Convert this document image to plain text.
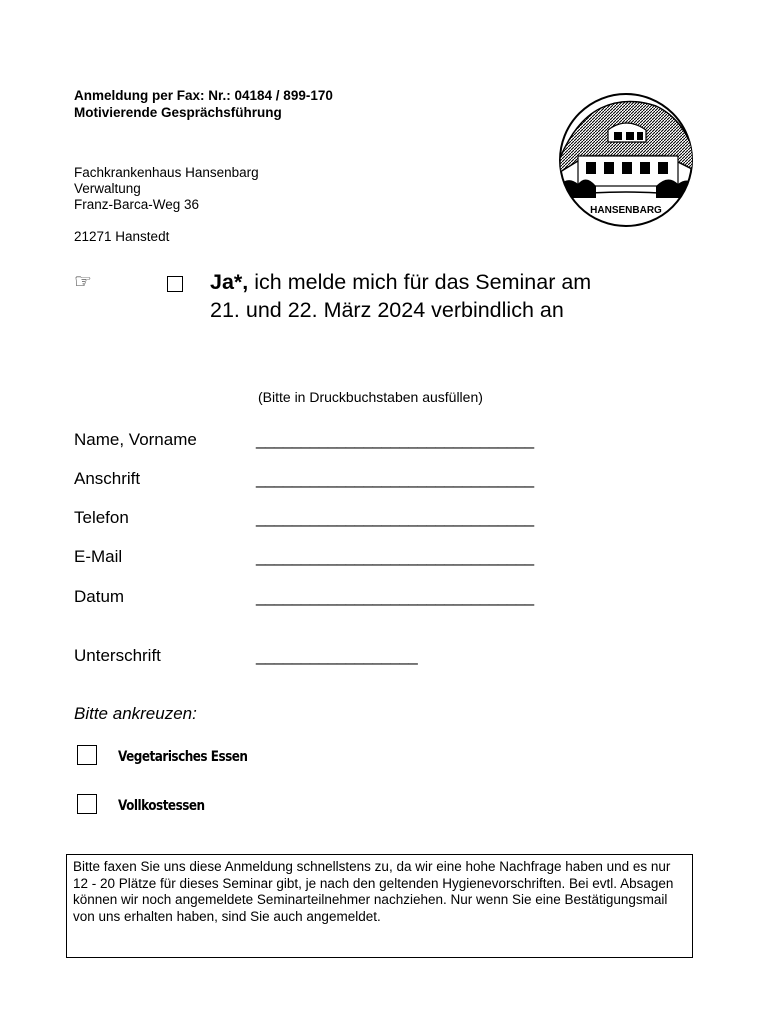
Anmeldung per Fax: Nr.: 04184 / 899-170
Motivierende Gesprächsführung
Fachkrankenhaus Hansenbarg
Verwaltung
Franz-Barca-Weg 36
21271 Hanstedt
HANSENBARG
☞	Ja*, ich melde mich für das Seminar am
21. und 22. März 2024 verbindlich an
(Bitte in Druckbuchstaben ausfüllen)
Name, Vorname	_______________________________
Anschrift	_______________________________
Telefon	_______________________________
E-Mail	_______________________________
Datum	_______________________________
Unterschrift	__________________
Bitte ankreuzen:
Vegetarisches Essen
Vollkostessen
Bitte faxen Sie uns diese Anmeldung schnellstens zu, da wir eine hohe Nachfrage haben und es nur 12 - 20 Plätze für dieses Seminar gibt, je nach den geltenden Hygienevorschriften. Bei evtl. Absagen können wir noch angemeldete Seminarteilnehmer nachziehen. Nur wenn Sie eine Bestätigungsmail von uns erhalten haben, sind Sie auch angemeldet.
